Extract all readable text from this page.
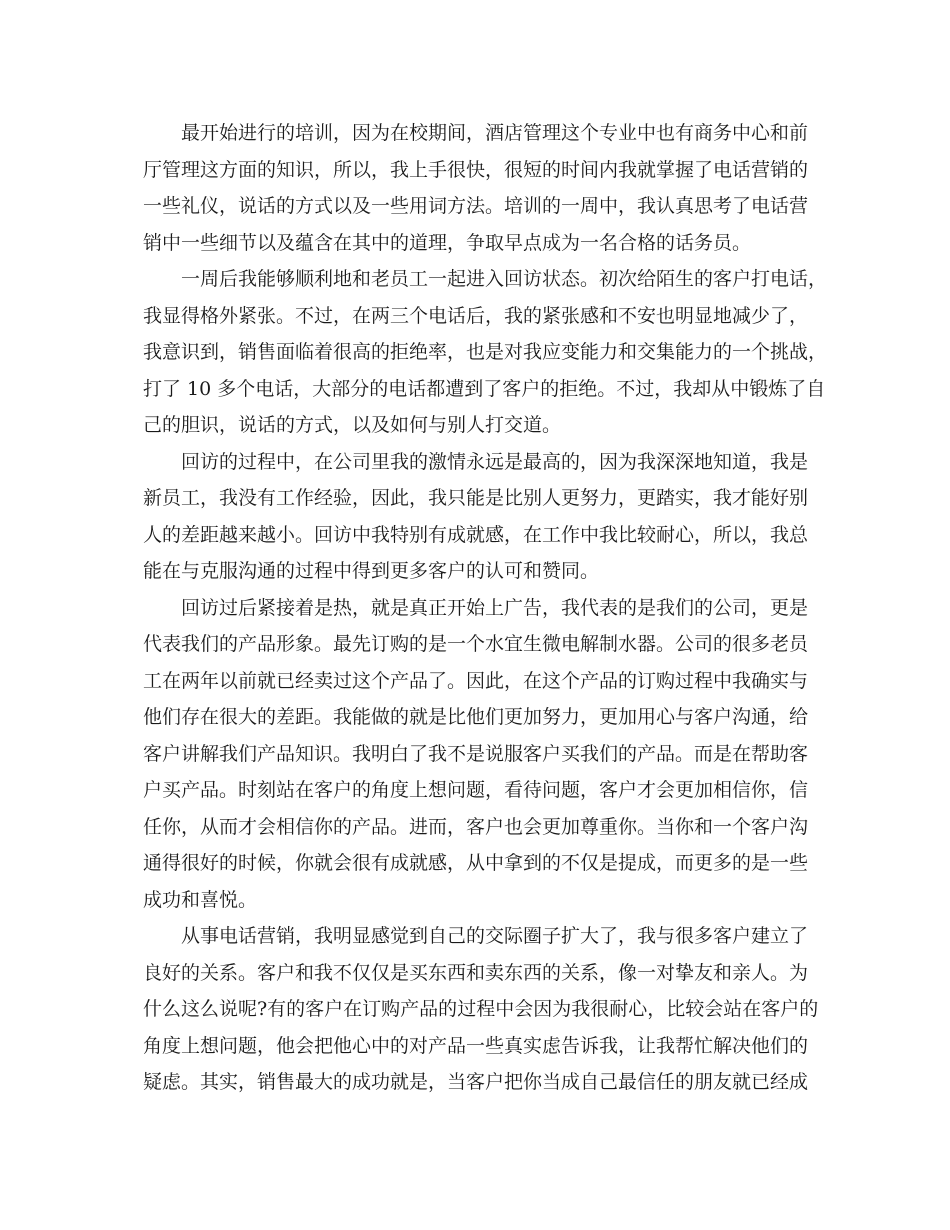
　　最开始进行的培训，因为在校期间，酒店管理这个专业中也有商务中心和前
厅管理这方面的知识，所以，我上手很快，很短的时间内我就掌握了电话营销的
一些礼仪，说话的方式以及一些用词方法。培训的一周中，我认真思考了电话营
销中一些细节以及蕴含在其中的道理，争取早点成为一名合格的话务员。

　　一周后我能够顺利地和老员工一起进入回访状态。初次给陌生的客户打电话，
我显得格外紧张。不过，在两三个电话后，我的紧张感和不安也明显地减少了，
我意识到，销售面临着很高的拒绝率，也是对我应变能力和交集能力的一个挑战，
打了 10 多个电话，大部分的电话都遭到了客户的拒绝。不过，我却从中锻炼了自
己的胆识，说话的方式，以及如何与别人打交道。

　　回访的过程中，在公司里我的激情永远是最高的，因为我深深地知道，我是
新员工，我没有工作经验，因此，我只能是比别人更努力，更踏实，我才能好别
人的差距越来越小。回访中我特别有成就感，在工作中我比较耐心，所以，我总
能在与克服沟通的过程中得到更多客户的认可和赞同。

　　回访过后紧接着是热，就是真正开始上广告，我代表的是我们的公司，更是
代表我们的产品形象。最先订购的是一个水宜生微电解制水器。公司的很多老员
工在两年以前就已经卖过这个产品了。因此，在这个产品的订购过程中我确实与
他们存在很大的差距。我能做的就是比他们更加努力，更加用心与客户沟通，给
客户讲解我们产品知识。我明白了我不是说服客户买我们的产品。而是在帮助客
户买产品。时刻站在客户的角度上想问题，看待问题，客户才会更加相信你，信
任你，从而才会相信你的产品。进而，客户也会更加尊重你。当你和一个客户沟
通得很好的时候，你就会很有成就感，从中拿到的不仅是提成，而更多的是一些
成功和喜悦。

　　从事电话营销，我明显感觉到自己的交际圈子扩大了，我与很多客户建立了
良好的关系。客户和我不仅仅是买东西和卖东西的关系，像一对挚友和亲人。为
什么这么说呢?有的客户在订购产品的过程中会因为我很耐心，比较会站在客户的
角度上想问题，他会把他心中的对产品一些真实虑告诉我，让我帮忙解决他们的
疑虑。其实，销售最大的成功就是，当客户把你当成自己最信任的朋友就已经成
